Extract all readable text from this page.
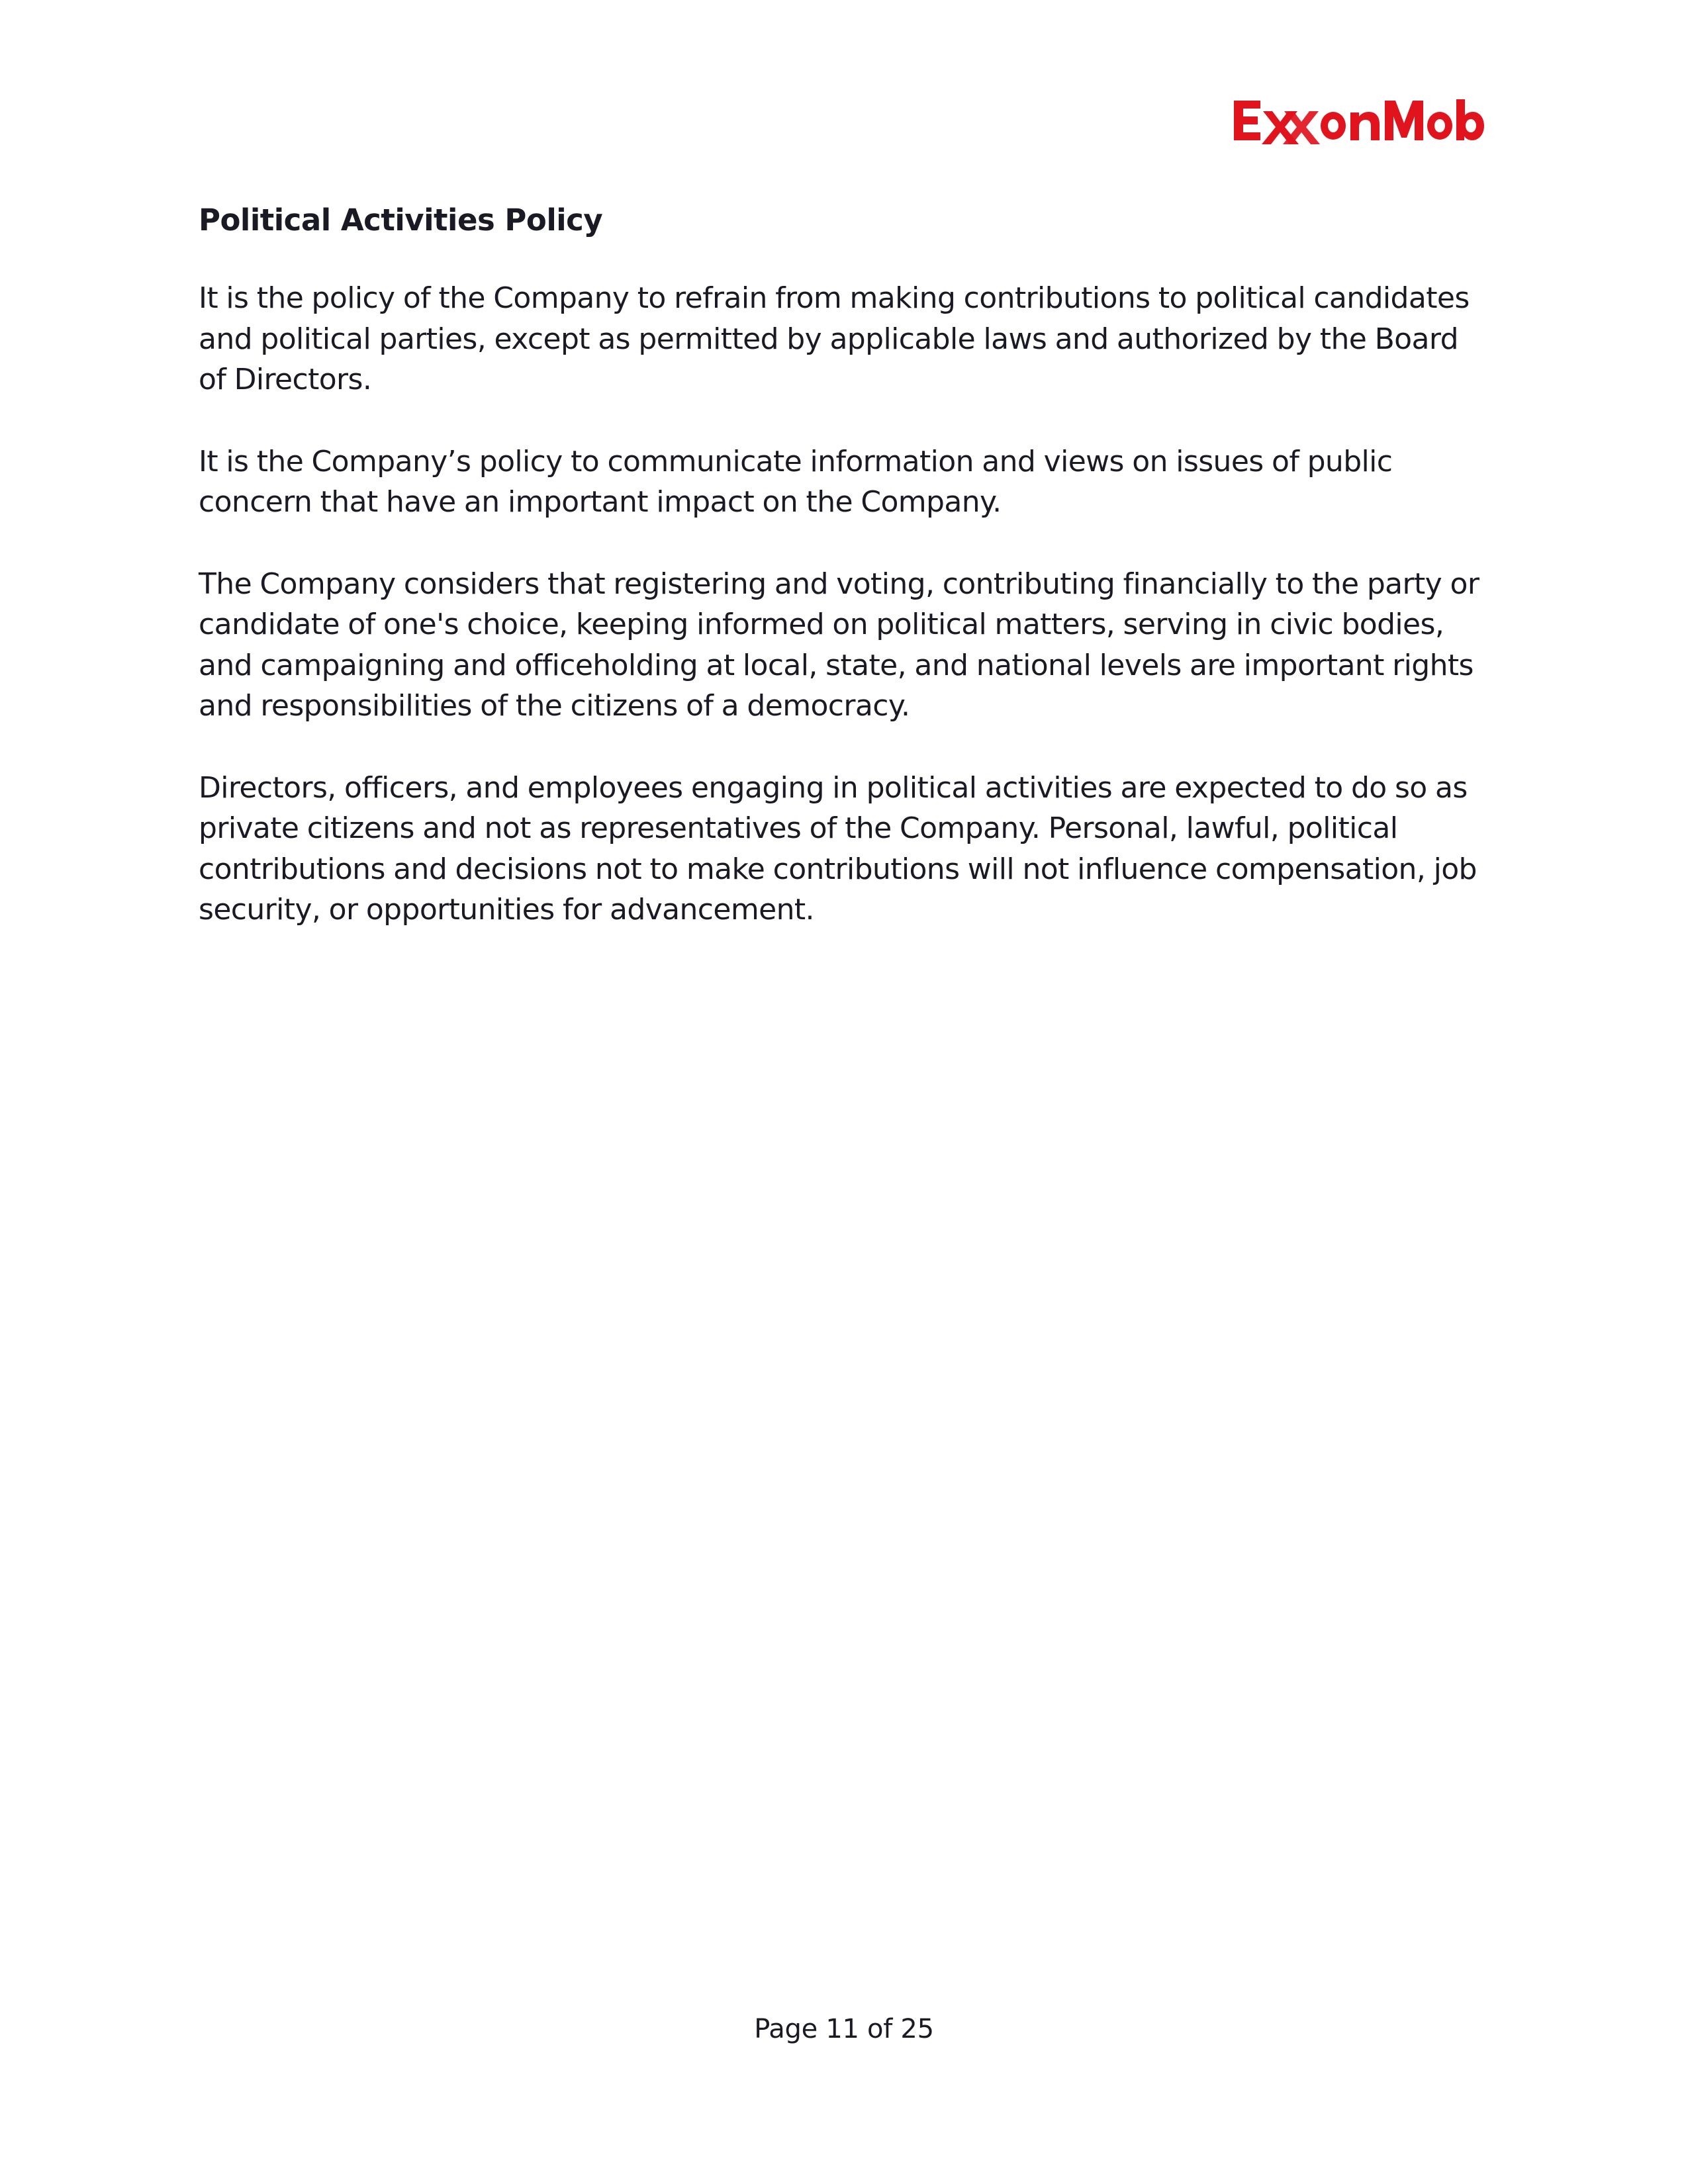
Political Activities Policy

It is the policy of the Company to refrain from making contributions to political candidates and political parties, except as permitted by applicable laws and authorized by the Board of Directors.

It is the Company’s policy to communicate information and views on issues of public concern that have an important impact on the Company.

The Company considers that registering and voting, contributing financially to the party or candidate of one's choice, keeping informed on political matters, serving in civic bodies, and campaigning and officeholding at local, state, and national levels are important rights and responsibilities of the citizens of a democracy.

Directors, officers, and employees engaging in political activities are expected to do so as private citizens and not as representatives of the Company. Personal, lawful, political contributions and decisions not to make contributions will not influence compensation, job security, or opportunities for advancement.

Page 11 of 25
